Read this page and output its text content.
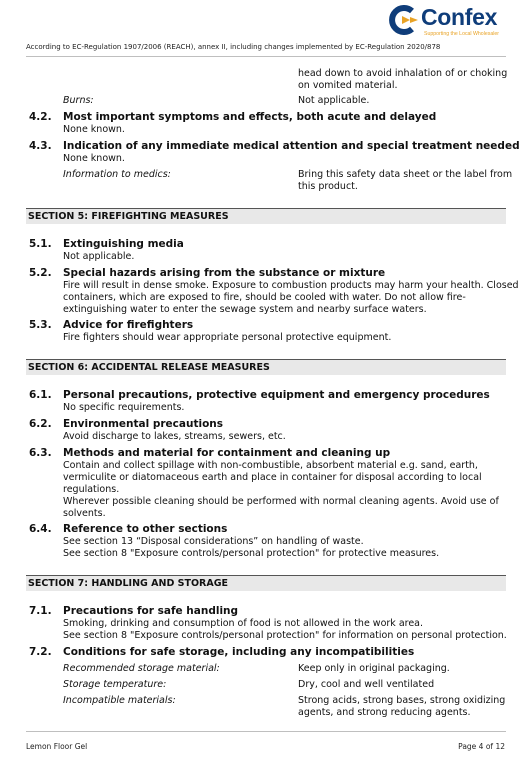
Confex
Supporting the Local Wholesaler
According to EC-Regulation 1907/2006 (REACH), annex II, including changes implemented by EC-Regulation 2020/878
head down to avoid inhalation of or choking
on vomited material.
Burns:	Not applicable.
4.2. Most important symptoms and effects, both acute and delayed
None known.
4.3. Indication of any immediate medical attention and special treatment needed
None known.
Information to medics:	Bring this safety data sheet or the label from
this product.
SECTION 5: FIREFIGHTING MEASURES
5.1. Extinguishing media
Not applicable.
5.2. Special hazards arising from the substance or mixture
Fire will result in dense smoke. Exposure to combustion products may harm your health. Closed
containers, which are exposed to fire, should be cooled with water. Do not allow fire-
extinguishing water to enter the sewage system and nearby surface waters.
5.3. Advice for firefighters
Fire fighters should wear appropriate personal protective equipment.
SECTION 6: ACCIDENTAL RELEASE MEASURES
6.1. Personal precautions, protective equipment and emergency procedures
No specific requirements.
6.2. Environmental precautions
Avoid discharge to lakes, streams, sewers, etc.
6.3. Methods and material for containment and cleaning up
Contain and collect spillage with non-combustible, absorbent material e.g. sand, earth,
vermiculite or diatomaceous earth and place in container for disposal according to local
regulations.
Wherever possible cleaning should be performed with normal cleaning agents. Avoid use of
solvents.
6.4. Reference to other sections
See section 13 “Disposal considerations” on handling of waste.
See section 8 "Exposure controls/personal protection" for protective measures.
SECTION 7: HANDLING AND STORAGE
7.1. Precautions for safe handling
Smoking, drinking and consumption of food is not allowed in the work area.
See section 8 "Exposure controls/personal protection" for information on personal protection.
7.2. Conditions for safe storage, including any incompatibilities
Recommended storage material:	Keep only in original packaging.
Storage temperature:	Dry, cool and well ventilated
Incompatible materials:	Strong acids, strong bases, strong oxidizing
agents, and strong reducing agents.
Lemon Floor Gel	Page 4 of 12
